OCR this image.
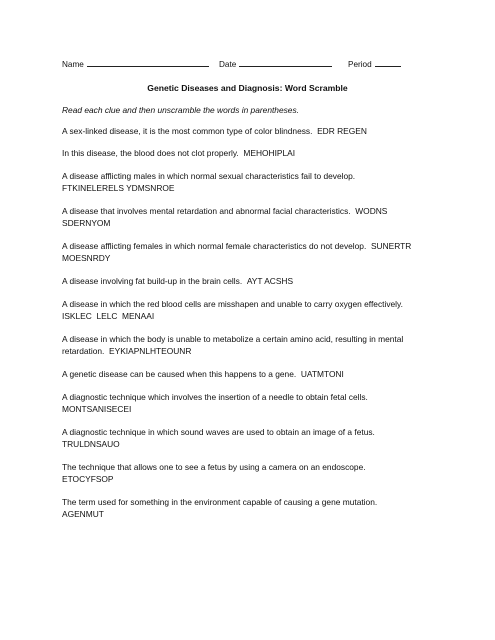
Name	Date	Period
Genetic Diseases and Diagnosis: Word Scramble
Read each clue and then unscramble the words in parentheses.
A sex-linked disease, it is the most common type of color blindness. EDR REGEN
In this disease, the blood does not clot properly. MEHOHIPLAI
A disease afflicting males in which normal sexual characteristics fail to develop.
FTKINELERELS YDMSNROE
A disease that involves mental retardation and abnormal facial characteristics. WODNS SDERNYOM
A disease afflicting females in which normal female characteristics do not develop. SUNERTR MOESNRDY
A disease involving fat build-up in the brain cells. AYT ACSHS
A disease in which the red blood cells are misshapen and unable to carry oxygen effectively.
ISKLEC  LELC  MENAAI
A disease in which the body is unable to metabolize a certain amino acid, resulting in mental retardation. EYKIAPNLHTEOUNR
A genetic disease can be caused when this happens to a gene. UATMTONI
A diagnostic technique which involves the insertion of a needle to obtain fetal cells.
MONTSANISECEI
A diagnostic technique in which sound waves are used to obtain an image of a fetus.
TRULDNSAUO
The technique that allows one to see a fetus by using a camera on an endoscope.
ETOCYFSOP
The term used for something in the environment capable of causing a gene mutation.
AGENMUT
